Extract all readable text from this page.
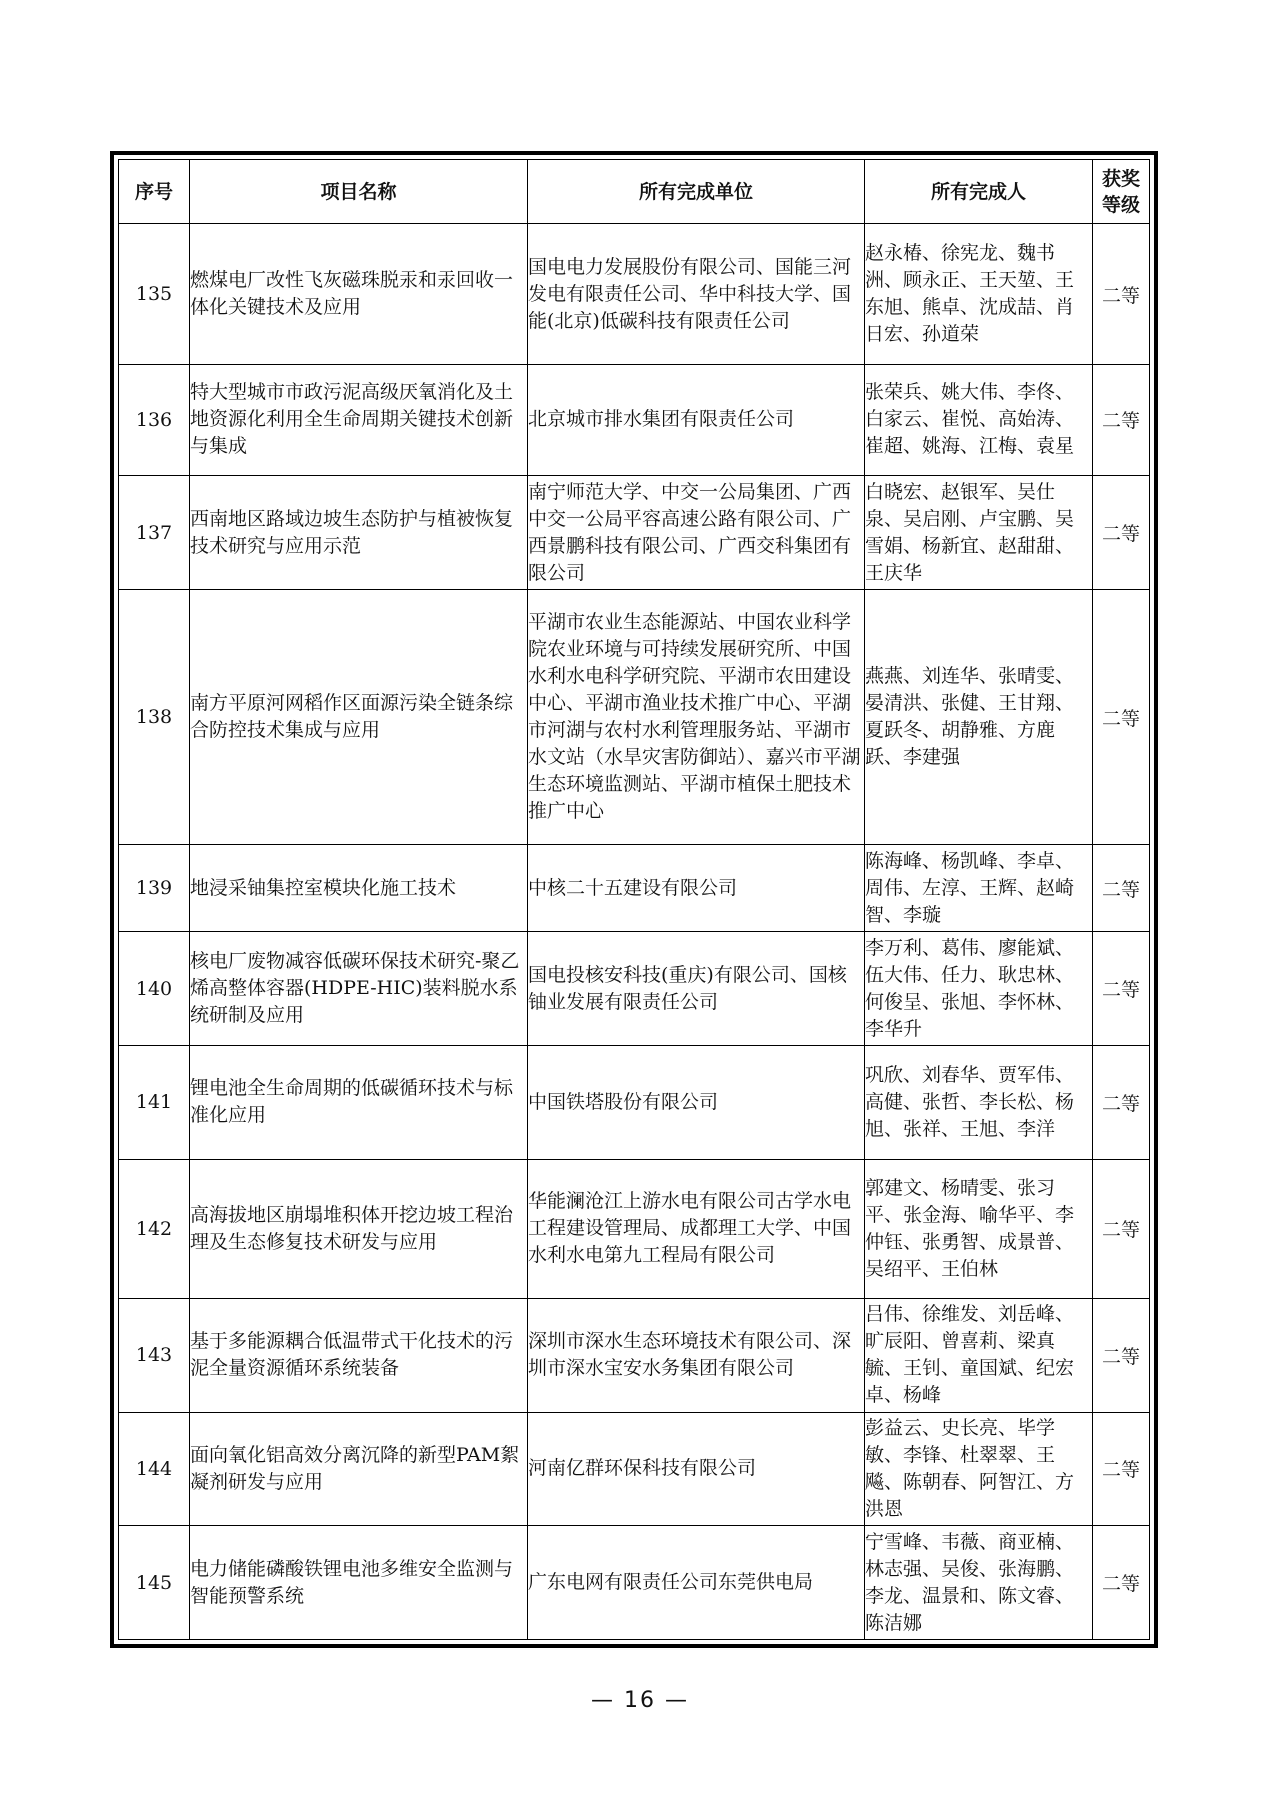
序号	项目名称	所有完成单位	所有完成人	获奖
等级

135	燃煤电厂改性飞灰磁珠脱汞和汞回收一体化关键技术及应用	国电电力发展股份有限公司、国能三河发电有限责任公司、华中科技大学、国能(北京)低碳科技有限责任公司	赵永椿、徐宪龙、魏书洲、顾永正、王天堃、王东旭、熊卓、沈成喆、肖日宏、孙道荣	二等
136	特大型城市市政污泥高级厌氧消化及土地资源化利用全生命周期关键技术创新与集成	北京城市排水集团有限责任公司	张荣兵、姚大伟、李佟、白家云、崔悦、高始涛、崔超、姚海、江梅、袁星	二等
137	西南地区路域边坡生态防护与植被恢复技术研究与应用示范	南宁师范大学、中交一公局集团、广西中交一公局平容高速公路有限公司、广西景鹏科技有限公司、广西交科集团有限公司	白晓宏、赵银军、吴仕泉、吴启刚、卢宝鹏、吴雪娟、杨新宜、赵甜甜、王庆华	二等
138	南方平原河网稻作区面源污染全链条综合防控技术集成与应用	平湖市农业生态能源站、中国农业科学院农业环境与可持续发展研究所、中国水利水电科学研究院、平湖市农田建设中心、平湖市渔业技术推广中心、平湖市河湖与农村水利管理服务站、平湖市水文站（水旱灾害防御站）、嘉兴市平湖生态环境监测站、平湖市植保土肥技术推广中心	燕燕、刘连华、张晴雯、晏清洪、张健、王甘翔、夏跃冬、胡静雅、方鹿跃、李建强	二等
139	地浸采铀集控室模块化施工技术	中核二十五建设有限公司	陈海峰、杨凯峰、李卓、周伟、左淳、王辉、赵崎智、李璇	二等
140	核电厂废物减容低碳环保技术研究-聚乙烯高整体容器(HDPE-HIC)装料脱水系统研制及应用	国电投核安科技(重庆)有限公司、国核铀业发展有限责任公司	李万利、葛伟、廖能斌、伍大伟、任力、耿忠林、何俊呈、张旭、李怀林、李华升	二等
141	锂电池全生命周期的低碳循环技术与标准化应用	中国铁塔股份有限公司	巩欣、刘春华、贾军伟、高健、张哲、李长松、杨旭、张祥、王旭、李洋	二等
142	高海拔地区崩塌堆积体开挖边坡工程治理及生态修复技术研发与应用	华能澜沧江上游水电有限公司古学水电工程建设管理局、成都理工大学、中国水利水电第九工程局有限公司	郭建文、杨晴雯、张习平、张金海、喻华平、李仲钰、张勇智、成景普、吴绍平、王伯林	二等
143	基于多能源耦合低温带式干化技术的污泥全量资源循环系统装备	深圳市深水生态环境技术有限公司、深圳市深水宝安水务集团有限公司	吕伟、徐维发、刘岳峰、旷辰阳、曾喜莉、梁真毓、王钊、童国斌、纪宏卓、杨峰	二等
144	面向氧化铝高效分离沉降的新型PAM絮凝剂研发与应用	河南亿群环保科技有限公司	彭益云、史长亮、毕学敏、李锋、杜翠翠、王飚、陈朝春、阿智江、方洪恩	二等
145	电力储能磷酸铁锂电池多维安全监测与智能预警系统	广东电网有限责任公司东莞供电局	宁雪峰、韦薇、商亚楠、林志强、吴俊、张海鹏、李龙、温景和、陈文睿、陈洁娜	二等
— 16 —
